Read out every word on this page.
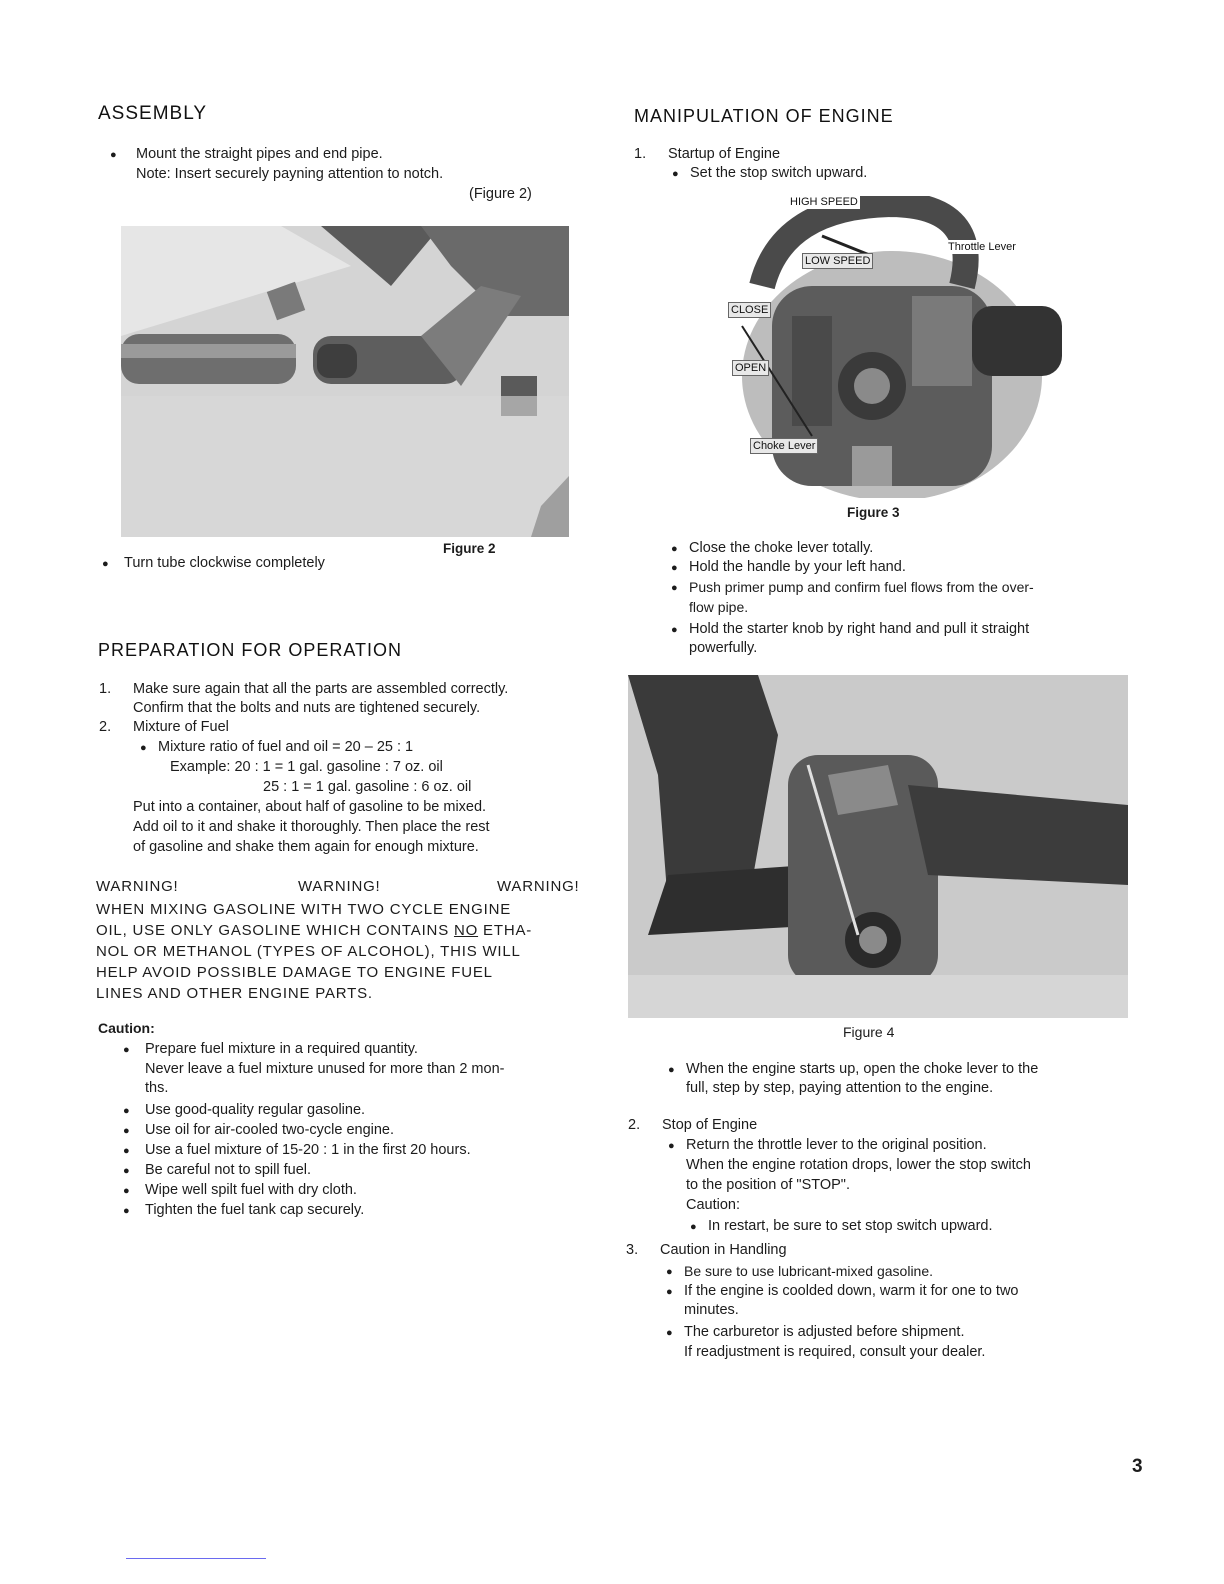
ASSEMBLY
● Mount the straight pipes and end pipe.
Note: Insert securely payning attention to notch.
(Figure 2)
Figure 2
● Turn tube clockwise completely
PREPARATION FOR OPERATION
1. Make sure again that all the parts are assembled correctly.
Confirm that the bolts and nuts are tightened securely.
2. Mixture of Fuel
● Mixture ratio of fuel and oil = 20 – 25 : 1
Example: 20 : 1 = 1 gal. gasoline : 7 oz. oil
25 : 1 = 1 gal. gasoline : 6 oz. oil
Put into a container, about half of gasoline to be mixed.
Add oil to it and shake it thoroughly. Then place the rest
of gasoline and shake them again for enough mixture.
WARNING!	WARNING!	WARNING!
WHEN MIXING GASOLINE WITH TWO CYCLE ENGINE
OIL, USE ONLY GASOLINE WHICH CONTAINS NO ETHA-
NOL OR METHANOL (TYPES OF ALCOHOL), THIS WILL
HELP AVOID POSSIBLE DAMAGE TO ENGINE FUEL
LINES AND OTHER ENGINE PARTS.
Caution:
● Prepare fuel mixture in a required quantity.
Never leave a fuel mixture unused for more than 2 mon-
ths.
● Use good-quality regular gasoline.
● Use oil for air-cooled two-cycle engine.
● Use a fuel mixture of 15-20 : 1 in the first 20 hours.
● Be careful not to spill fuel.
● Wipe well spilt fuel with dry cloth.
● Tighten the fuel tank cap securely.
MANIPULATION OF ENGINE
1. Startup of Engine
● Set the stop switch upward.
HIGH SPEED
LOW SPEED
Throttle Lever
CLOSE
OPEN
Choke Lever
Figure 3
● Close the choke lever totally.
● Hold the handle by your left hand.
● Push primer pump and confirm fuel flows from the over-
flow pipe.
● Hold the starter knob by right hand and pull it straight
powerfully.
Figure 4
● When the engine starts up, open the choke lever to the
full, step by step, paying attention to the engine.
2. Stop of Engine
● Return the throttle lever to the original position.
When the engine rotation drops, lower the stop switch
to the position of "STOP".
Caution:
● In restart, be sure to set stop switch upward.
3. Caution in Handling
● Be sure to use lubricant-mixed gasoline.
● If the engine is coolded down, warm it for one to two
minutes.
● The carburetor is adjusted before shipment.
If readjustment is required, consult your dealer.
3
